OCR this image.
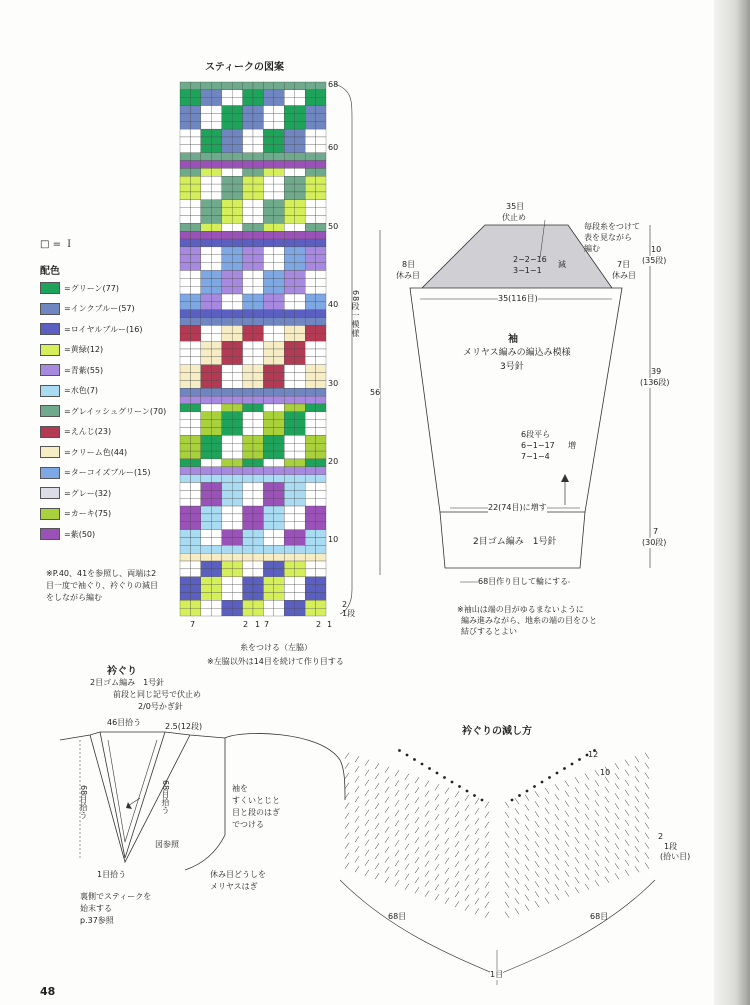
スティークの図案
68
60
50
40
30
20
10
2
1段
7	2 1 7	2 1
68段一模様
糸をつける（左脇）
※左脇以外は14目を続けて作り目する
□ = Ｉ
配色
=グリーン(77)
=インクブルー(57)
=ロイヤルブルー(16)
=黄緑(12)
=青紫(55)
=水色(7)
=グレイッシュグリーン(70)
=えんじ(23)
=クリーム色(44)
=ターコイズブルー(15)
=グレー(32)
=カーキ(75)
=紫(50)
※P.40、41を参照し、両端は2目一度で袖ぐり、衿ぐりの減目をしながら編む
35目
伏止め
8目
休み目
7目
休み目
2−2−16
3−1−1
減
毎段糸をつけて
表を見ながら
編む
35(116目)
袖
メリヤス編みの編込み模様
3号針
6段平ら
6−1−17
7−1−4
増
22(74目)に増す
2目ゴム編み　1号針
68目作り目して輪にする
10
(35段)
39
(136段)
7
(30段)
56
※袖山は端の目がゆるまないように
編み進みながら、地糸の端の目をひと
結びするとよい
衿ぐり
2目ゴム編み　1号針
前段と同じ記号で伏止め
2/0号かぎ針
46目拾う	2.5(12段)
68目拾う	68目拾う
1目拾う
図参照
袖を
すくいとじと
目と段のはぎ
でつける
休み目どうしを
メリヤスはぎ
裏側でスティークを
始末する
p.37参照
衿ぐりの減し方
12
10
2
1段
(拾い目)
68目	68目
1目
48
